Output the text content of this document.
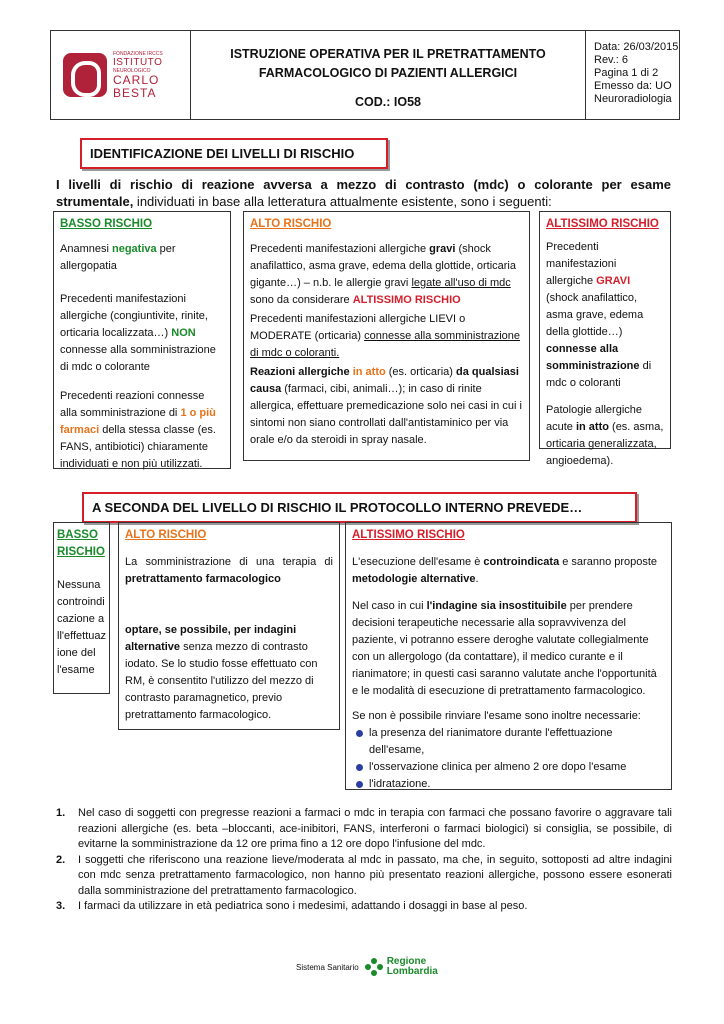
FONDAZIONE IRCCS
ISTITUTO
NEUROLOGICO
CARLO
BESTA
ISTRUZIONE OPERATIVA PER IL PRETRATTAMENTO
FARMACOLOGICO DI PAZIENTI ALLERGICI
COD.: IO58
Data: 26/03/2015
Rev.: 6
Pagina 1 di 2
Emesso da: UO
Neuroradiologia
IDENTIFICAZIONE DEI LIVELLI DI RISCHIO
I livelli di rischio di reazione avversa a mezzo di contrasto (mdc) o colorante per esame strumentale, individuati in base alla letteratura attualmente esistente, sono i seguenti:
BASSO RISCHIO

Anamnesi negativa per allergopatia

Precedenti manifestazioni allergiche (congiuntivite, rinite, orticaria localizzata…) NON connesse alla somministrazione di mdc o colorante

Precedenti reazioni connesse alla somministrazione di 1 o più farmaci della stessa classe (es. FANS, antibiotici) chiaramente individuati e non più utilizzati.

ALTO RISCHIO

Precedenti manifestazioni allergiche gravi (shock anafilattico, asma grave, edema della glottide, orticaria gigante…) – n.b. le allergie gravi legate all'uso di mdc sono da considerare ALTISSIMO RISCHIO

Precedenti manifestazioni allergiche LIEVI o MODERATE (orticaria) connesse alla somministrazione di mdc o coloranti.

Reazioni allergiche in atto (es. orticaria) da qualsiasi causa (farmaci, cibi, animali…); in caso di rinite allergica, effettuare premedicazione solo nei casi in cui i sintomi non siano controllati dall'antistaminico per via orale e/o da steroidi in spray nasale.

ALTISSIMO RISCHIO

Precedenti manifestazioni allergiche GRAVI (shock anafilattico, asma grave, edema della glottide…) connesse alla somministrazione di mdc o coloranti

Patologie allergiche acute in atto (es. asma, orticaria generalizzata, angioedema).

A SECONDA DEL LIVELLO DI RISCHIO IL PROTOCOLLO INTERNO PREVEDE…
BASSO
RISCHIO

Nessuna controindicazione all'effettuazione dell'esame

ALTO RISCHIO

La somministrazione di una terapia di pretrattamento farmacologico

optare, se possibile, per indagini alternative senza mezzo di contrasto iodato. Se lo studio fosse effettuato con RM, è consentito l'utilizzo del mezzo di contrasto paramagnetico, previo pretrattamento farmacologico.

ALTISSIMO RISCHIO

L'esecuzione dell'esame è controindicata e saranno proposte metodologie alternative.

Nel caso in cui l'indagine sia insostituibile per prendere decisioni terapeutiche necessarie alla sopravvivenza del paziente, vi potranno essere deroghe valutate collegialmente con un allergologo (da contattare), il medico curante e il rianimatore; in questi casi saranno valutate anche l'opportunità e le modalità di esecuzione di pretrattamento farmacologico.

Se non è possibile rinviare l'esame sono inoltre necessarie:

la presenza del rianimatore durante l'effettuazione dell'esame,
l'osservazione clinica per almeno 2 ore dopo l'esame
l'idratazione.
1.	Nel caso di soggetti con pregresse reazioni a farmaci o mdc in terapia con farmaci che possano favorire o aggravare tali reazioni allergiche (es. beta –bloccanti, ace-inibitori, FANS, interferoni o farmaci biologici) si consiglia, se possibile, di evitarne la somministrazione da 12 ore prima fino a 12 ore dopo l'infusione del mdc.
2.	I soggetti che riferiscono una reazione lieve/moderata al mdc in passato, ma che, in seguito, sottoposti ad altre indagini con mdc senza pretrattamento farmacologico, non hanno più presentato reazioni allergiche, possono essere esonerati dalla somministrazione del pretrattamento farmacologico.
3.	I farmaci da utilizzare in età pediatrica sono i medesimi, adattando i dosaggi in base al peso.
Sistema Sanitario	Regione
Lombardia
